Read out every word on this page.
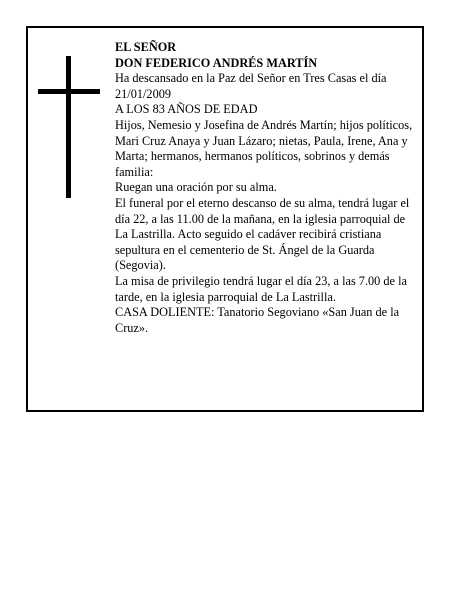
EL SEÑOR

DON FEDERICO ANDRÉS MARTÍN

Ha descansado en la Paz del Señor en Tres Casas el día 21/01/2009

A LOS 83 AÑOS DE EDAD

Hijos, Nemesio y Josefina de Andrés Martín; hijos políticos, Mari Cruz Anaya y Juan Lázaro; nietas, Paula, Irene, Ana y Marta; hermanos, hermanos políticos, sobrinos y demás familia:

Ruegan una oración por su alma.

El funeral por el eterno descanso de su alma, tendrá lugar el día 22, a las 11.00 de la mañana, en la iglesia parroquial de La Lastrilla. Acto seguido el cadáver recibirá cristiana sepultura en el cementerio de St. Ángel de la Guarda (Segovia).

La misa de privilegio tendrá lugar el día 23, a las 7.00 de la tarde, en la iglesia parroquial de La Lastrilla.

CASA DOLIENTE: Tanatorio Segoviano «San Juan de la Cruz».
